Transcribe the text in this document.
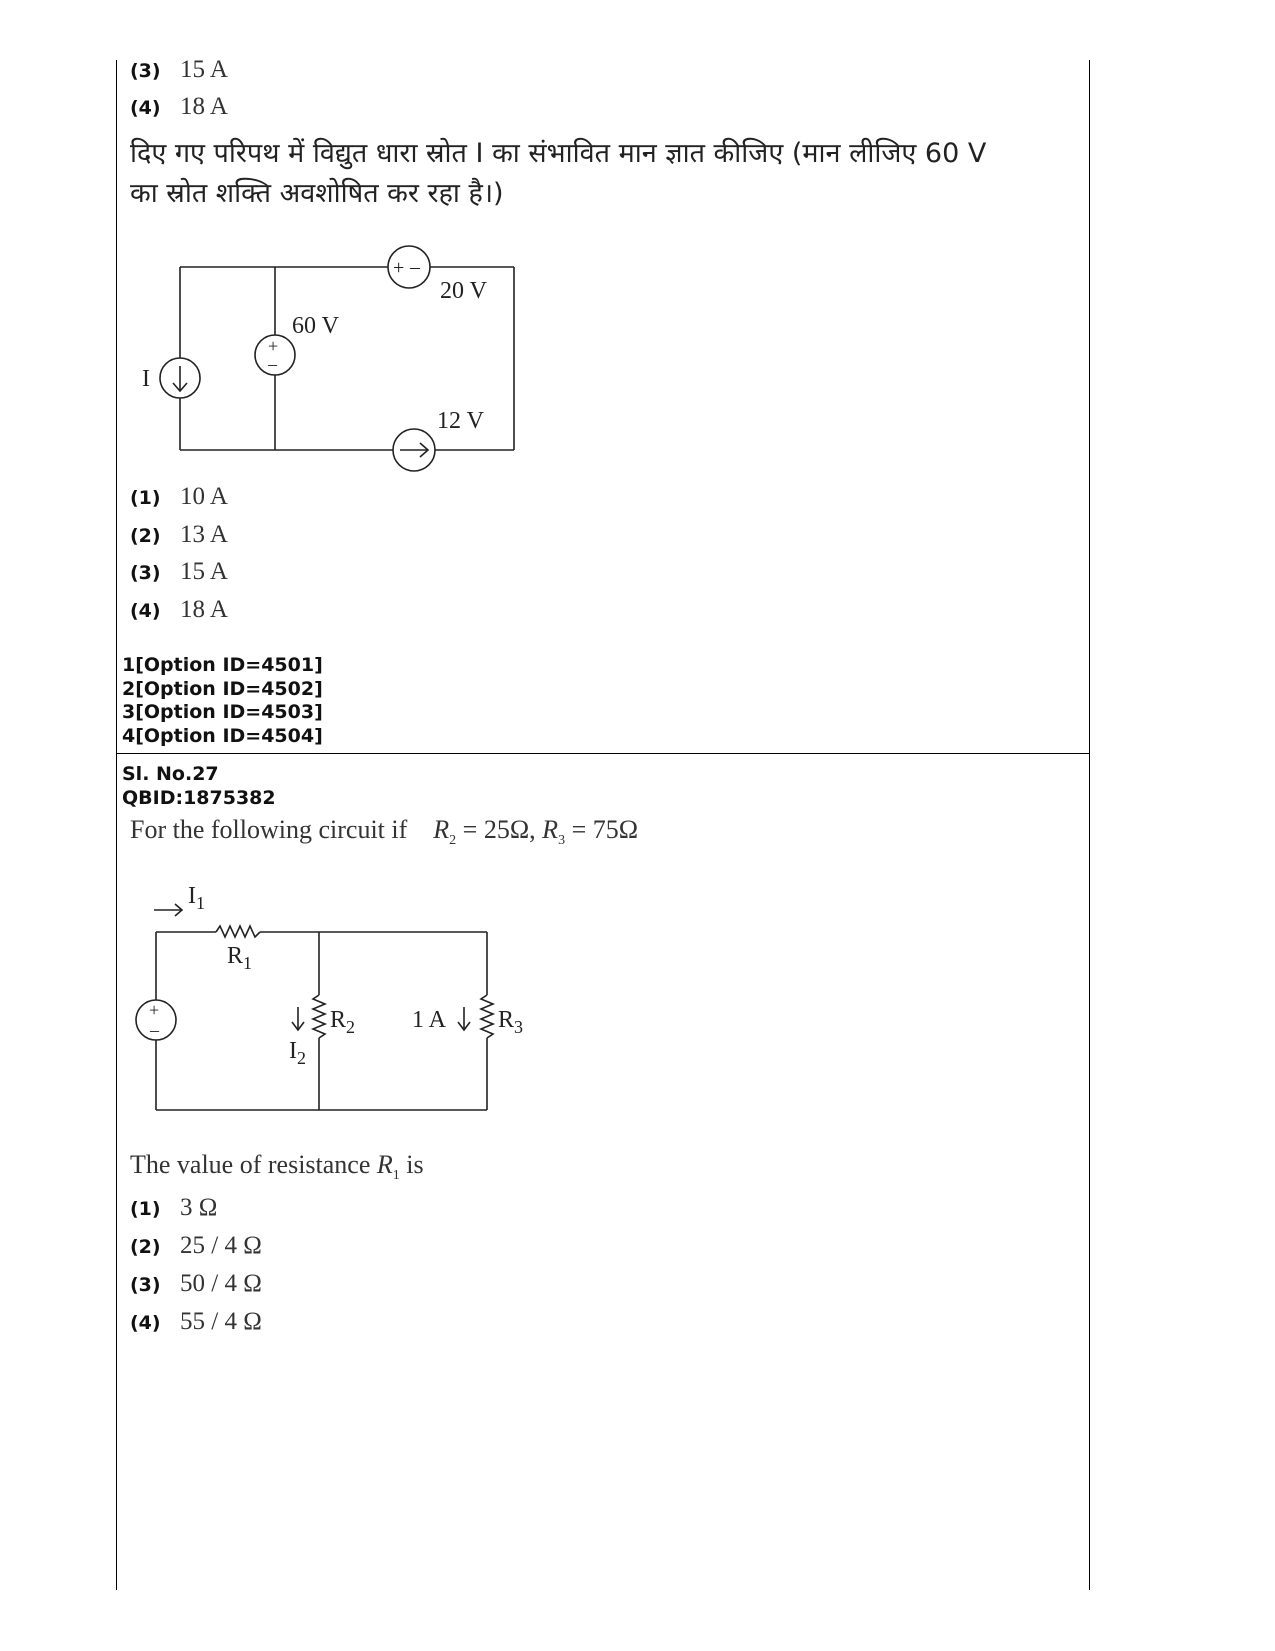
(3) 15 A
(4) 18 A
दिए गए परिपथ में विद्युत धारा स्रोत I का संभावित मान ज्ञात कीजिए (मान लीजिए 60 V
का स्रोत शक्ति अवशोषित कर रहा है।)
+ –
+
–
20 V
60 V
12 V
I
(1) 10 A
(2) 13 A
(3) 15 A
(4) 18 A
1[Option ID=4501]
2[Option ID=4502]
3[Option ID=4503]
4[Option ID=4504]
Sl. No.27
QBID:1875382
For the following circuit if $R_2 = 25\Omega$, $R_3 = 75\Omega$
+
–
$I_1$
$R_1$
$R_2$
$I_2$
1 A $R_3$
The value of resistance $R_1$ is
(1) 3 Ω
(2) 25 / 4 Ω
(3) 50 / 4 Ω
(4) 55 / 4 Ω
